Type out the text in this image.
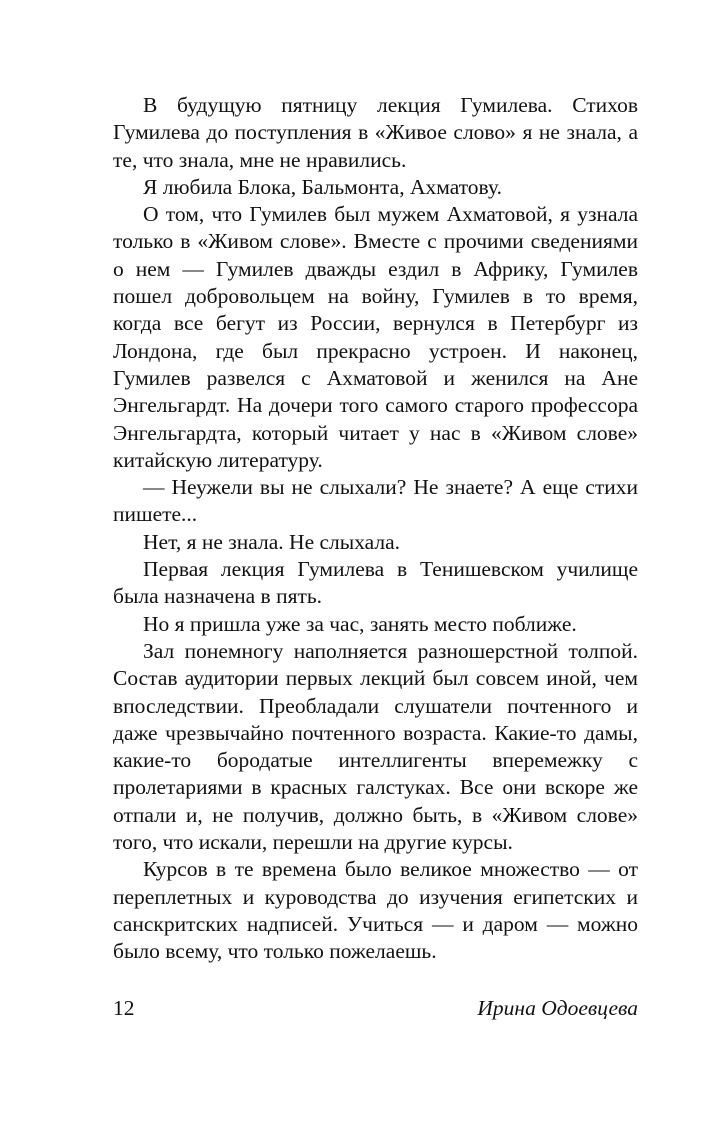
В будущую пятницу лекция Гумилева. Стихов Гумилева до поступления в «Живое слово» я не знала, а те, что знала, мне не нравились.

Я любила Блока, Бальмонта, Ахматову.

О том, что Гумилев был мужем Ахматовой, я узнала только в «Живом слове». Вместе с прочими сведениями о нем — Гумилев дважды ездил в Африку, Гумилев пошел добровольцем на войну, Гумилев в то время, когда все бегут из России, вернулся в Петербург из Лондона, где был прекрасно устроен. И наконец, Гумилев развелся с Ахматовой и женился на Ане Энгельгардт. На дочери того самого старого профессора Энгельгардта, который читает у нас в «Живом слове» китайскую литературу.

— Неужели вы не слыхали? Не знаете? А еще стихи пишете...

Нет, я не знала. Не слыхала.

Первая лекция Гумилева в Тенишевском училище была назначена в пять.

Но я пришла уже за час, занять место поближе.

Зал понемногу наполняется разношерстной толпой. Состав аудитории первых лекций был совсем иной, чем впоследствии. Преобладали слушатели почтенного и даже чрезвычайно почтенного возраста. Какие-то дамы, какие-то бородатые интеллигенты вперемежку с пролетариями в красных галстуках. Все они вскоре же отпали и, не получив, должно быть, в «Живом слове» того, что искали, перешли на другие курсы.

Курсов в те времена было великое множество — от переплетных и куроводства до изучения египетских и санскритских надписей. Учиться — и даром — можно было всему, что только пожелаешь.

12	Ирина Одоевцева
